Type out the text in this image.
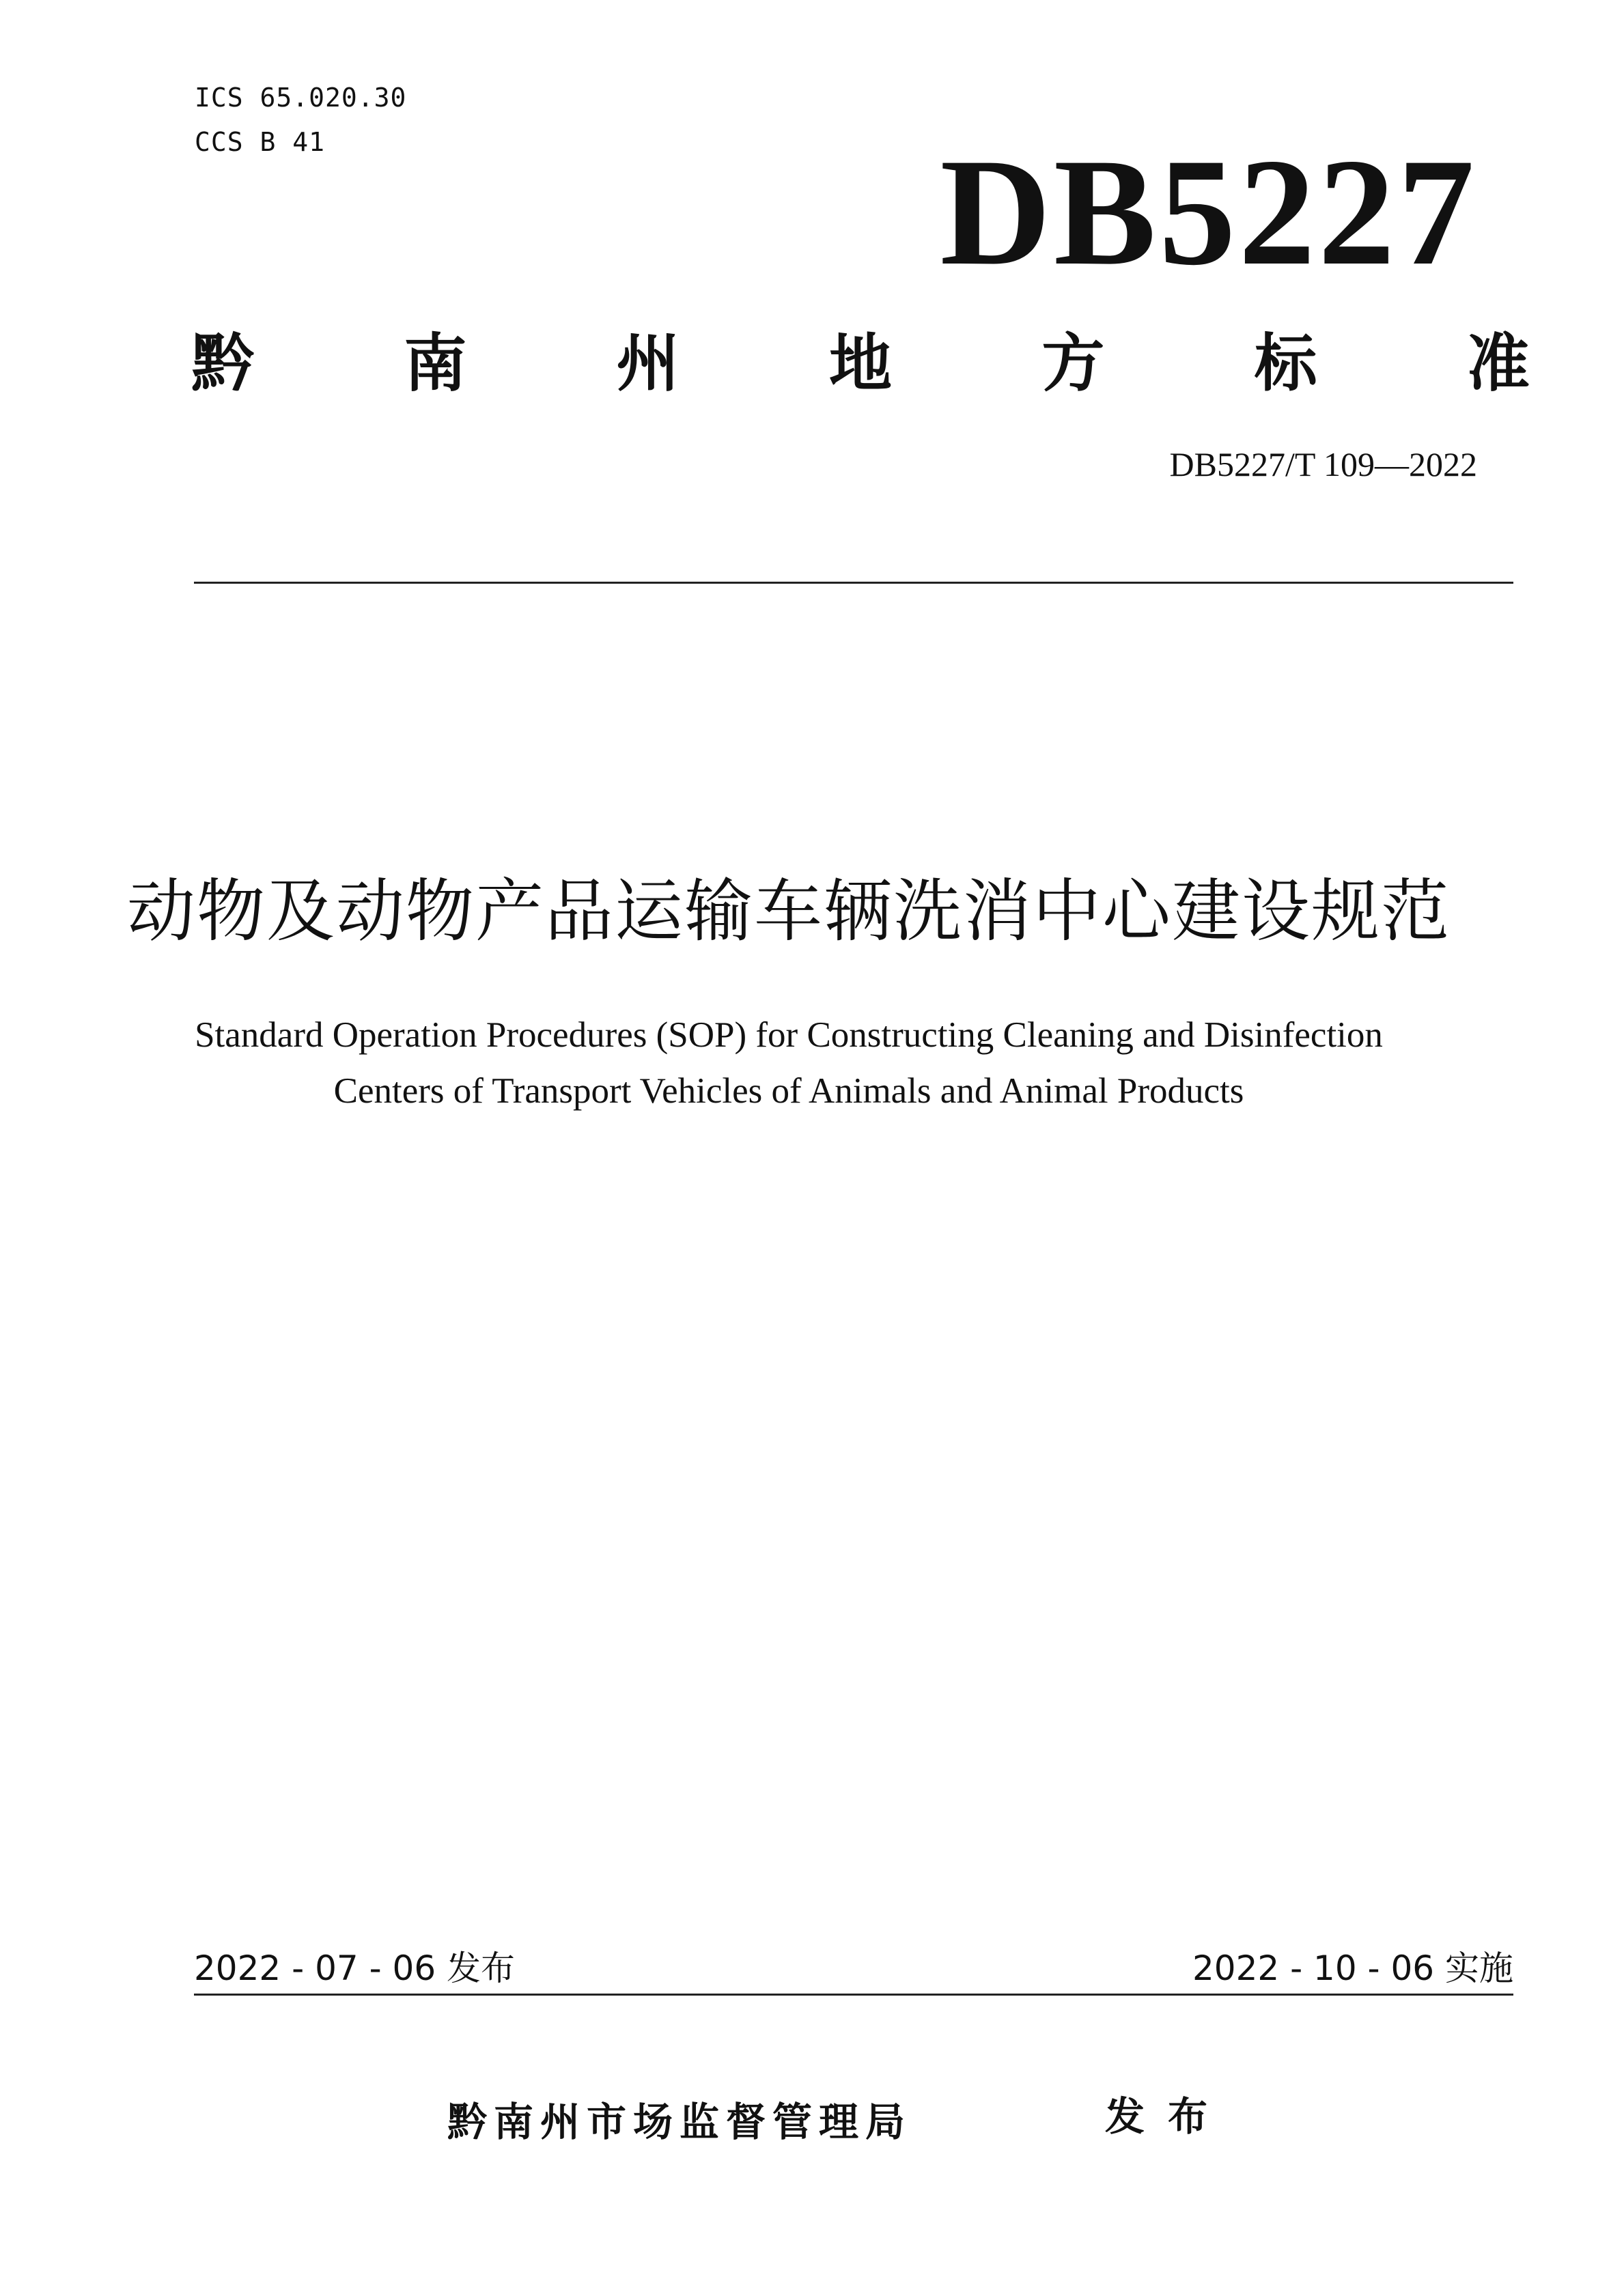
ICS 65.020.30
CCS B 41	DB5227
黔 南 州 地 方 标 准
DB5227/T 109—2022
动物及动物产品运输车辆洗消中心建设规范
Standard Operation Procedures (SOP) for Constructing Cleaning and Disinfection
Centers of Transport Vehicles of Animals and Animal Products
2022 - 07 - 06 发布	2022 - 10 - 06 实施
黔南州市场监督管理局	发布
